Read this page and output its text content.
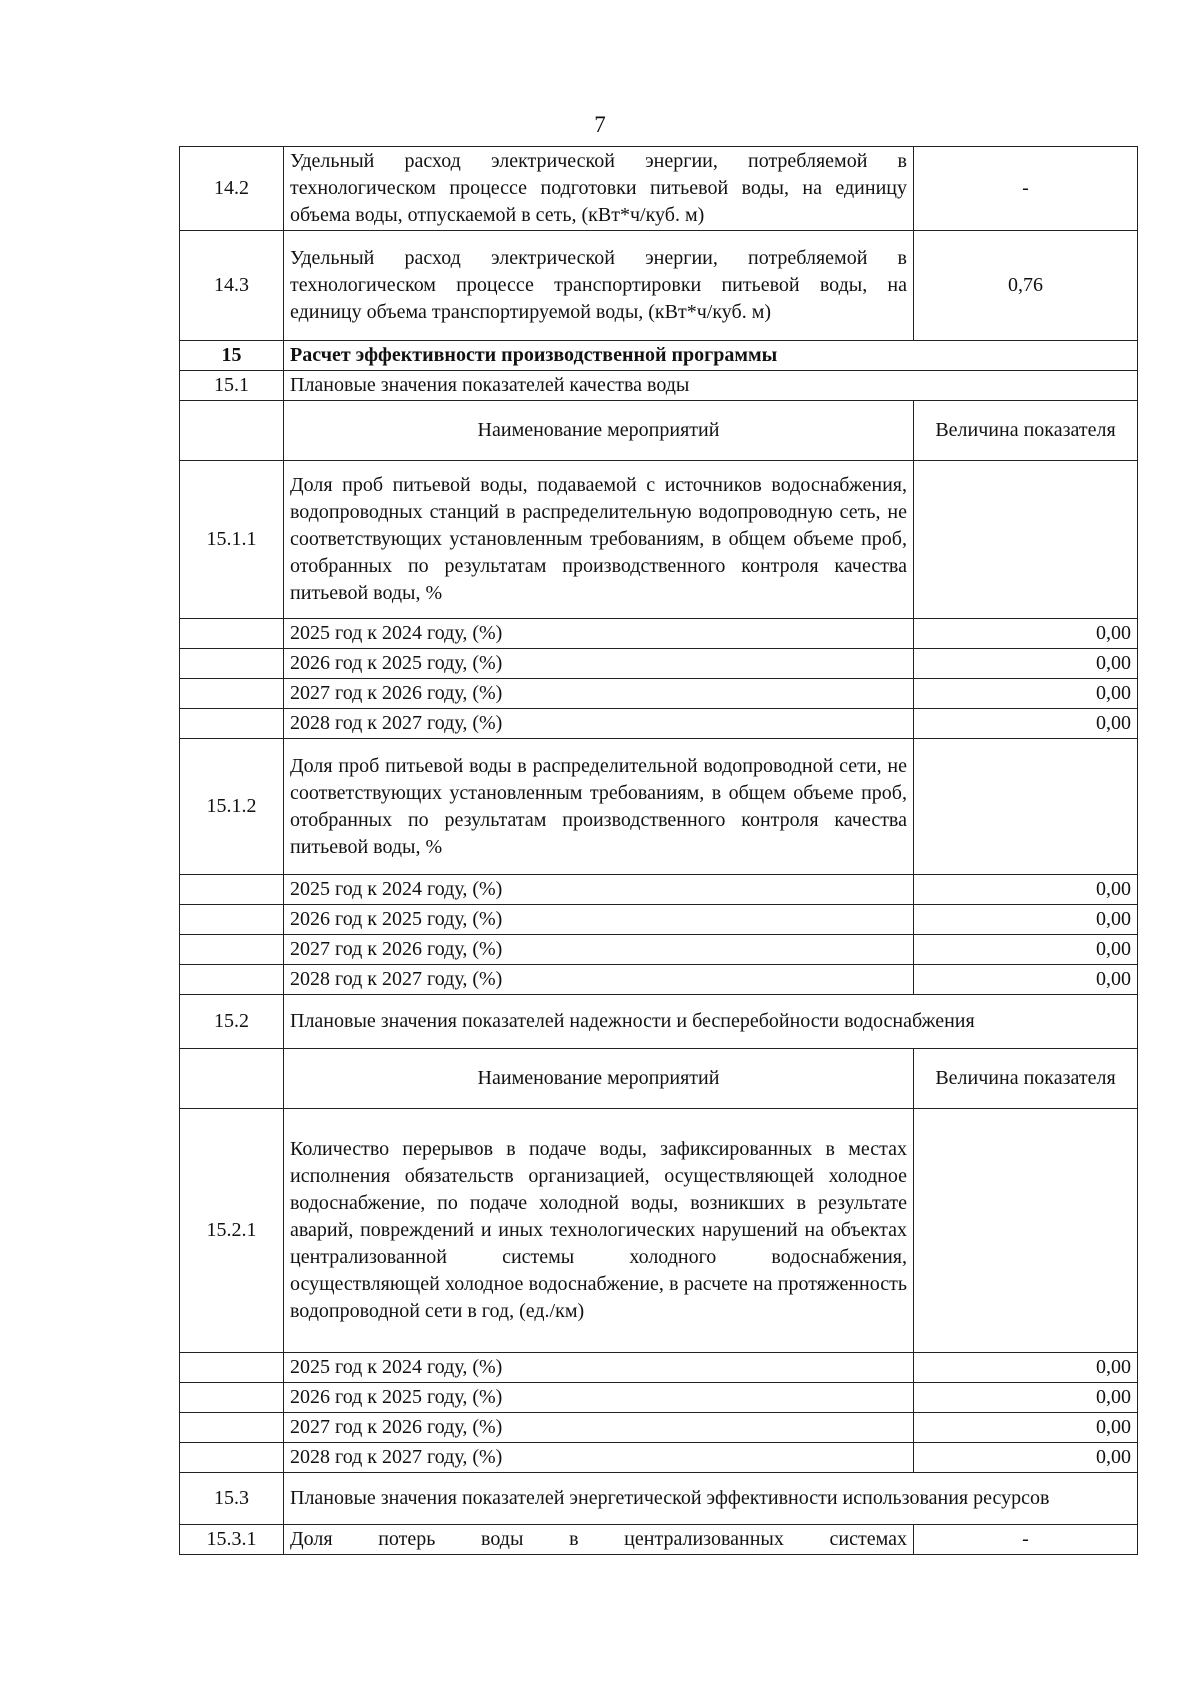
7
14.2	Удельный расход электрической энергии, потребляемой в технологическом процессе подготовки питьевой воды, на единицу объема воды, отпускаемой в сеть, (кВт*ч/куб. м)	-
14.3	Удельный расход электрической энергии, потребляемой в технологическом процессе транспортировки питьевой воды, на единицу объема транспортируемой воды, (кВт*ч/куб. м)	0,76
15	Расчет эффективности производственной программы	
15.1	Плановые значения показателей качества воды	
	Наименование мероприятий	Величина показателя
15.1.1	Доля проб питьевой воды, подаваемой с источников водоснабжения, водопроводных станций в распределительную водопроводную сеть, не соответствующих установленным требованиям, в общем объеме проб, отобранных по результатам производственного контроля качества питьевой воды, %	
	2025 год к 2024 году, (%)	0,00
	2026 год к 2025 году, (%)	0,00
	2027 год к 2026 году, (%)	0,00
	2028 год к 2027 году, (%)	0,00
15.1.2	Доля проб питьевой воды в распределительной водопроводной сети, не соответствующих установленным требованиям, в общем объеме проб, отобранных по результатам производственного контроля качества питьевой воды, %	
	2025 год к 2024 году, (%)	0,00
	2026 год к 2025 году, (%)	0,00
	2027 год к 2026 году, (%)	0,00
	2028 год к 2027 году, (%)	0,00
15.2	Плановые значения показателей надежности и бесперебойности водоснабжения	
	Наименование мероприятий	Величина показателя
15.2.1	Количество перерывов в подаче воды, зафиксированных в местах исполнения обязательств организацией, осуществляющей холодное водоснабжение, по подаче холодной воды, возникших в результате аварий, повреждений и иных технологических нарушений на объектах централизованной системы холодного водоснабжения, осуществляющей холодное водоснабжение, в расчете на протяженность водопроводной сети в год, (ед./км)	
	2025 год к 2024 году, (%)	0,00
	2026 год к 2025 году, (%)	0,00
	2027 год к 2026 году, (%)	0,00
	2028 год к 2027 году, (%)	0,00
15.3	Плановые значения показателей энергетической эффективности использования ресурсов	
15.3.1	Доля потерь воды в централизованных системах	-
